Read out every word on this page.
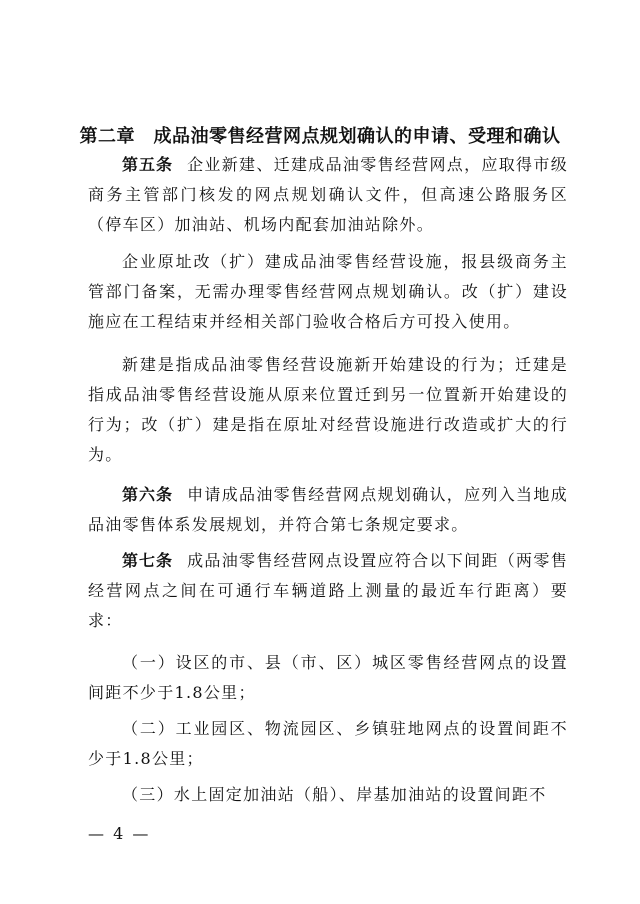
第二章　成品油零售经营网点规划确认的申请、受理和确认

第五条 企业新建、迁建成品油零售经营网点，应取得市级商务主管部门核发的网点规划确认文件，但高速公路服务区（停车区）加油站、机场内配套加油站除外。

企业原址改（扩）建成品油零售经营设施，报县级商务主管部门备案，无需办理零售经营网点规划确认。改（扩）建设施应在工程结束并经相关部门验收合格后方可投入使用。

新建是指成品油零售经营设施新开始建设的行为；迁建是指成品油零售经营设施从原来位置迁到另一位置新开始建设的行为；改（扩）建是指在原址对经营设施进行改造或扩大的行为。

第六条 申请成品油零售经营网点规划确认，应列入当地成品油零售体系发展规划，并符合第七条规定要求。

第七条 成品油零售经营网点设置应符合以下间距（两零售经营网点之间在可通行车辆道路上测量的最近车行距离）要求：

（一）设区的市、县（市、区）城区零售经营网点的设置间距不少于1.8公里；

（二）工业园区、物流园区、乡镇驻地网点的设置间距不少于1.8公里；

（三）水上固定加油站（船）、岸基加油站的设置间距不

— 4 —
